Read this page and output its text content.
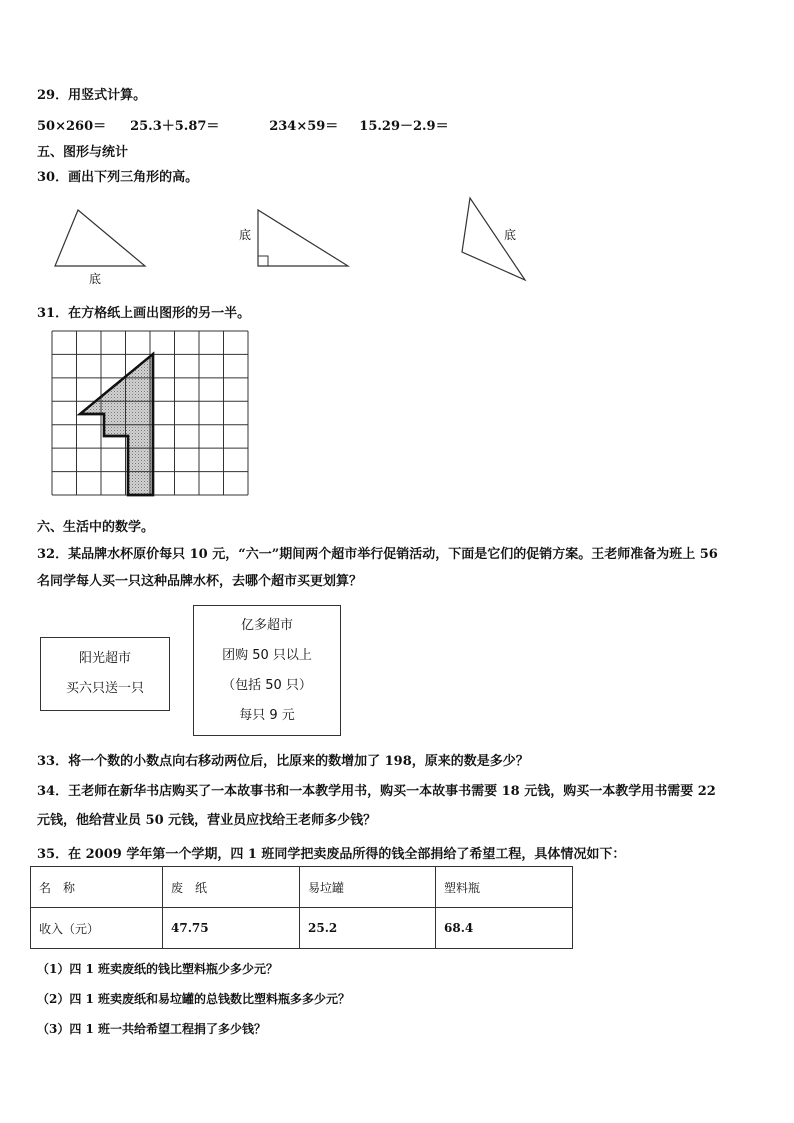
29．用竖式计算。
50×260＝ 25.3＋5.87＝	234×59＝ 15.29－2.9＝
五、图形与统计
30．画出下列三角形的高。
底
底	底
31．在方格纸上画出图形的另一半。
六、生活中的数学。
32．某品牌水杯原价每只 10 元，“六一”期间两个超市举行促销活动，下面是它们的促销方案。王老师准备为班上 56
名同学每人买一只这种品牌水杯，去哪个超市买更划算？
阳光超市
买六只送一只
亿多超市
团购 50 只以上
（包括 50 只）
每只 9 元
33．将一个数的小数点向右移动两位后，比原来的数增加了 198，原来的数是多少？
34．王老师在新华书店购买了一本故事书和一本教学用书，购买一本故事书需要 18 元钱，购买一本教学用书需要 22
元钱，他给营业员 50 元钱，营业员应找给王老师多少钱？
35．在 2009 学年第一个学期，四 1 班同学把卖废品所得的钱全部捐给了希望工程，具体情况如下：
名　称	废　纸	易垃罐	塑料瓶
收入（元）	47.75	25.2	68.4
（1）四 1 班卖废纸的钱比塑料瓶少多少元？
（2）四 1 班卖废纸和易垃罐的总钱数比塑料瓶多多少元？
（3）四 1 班一共给希望工程捐了多少钱？
